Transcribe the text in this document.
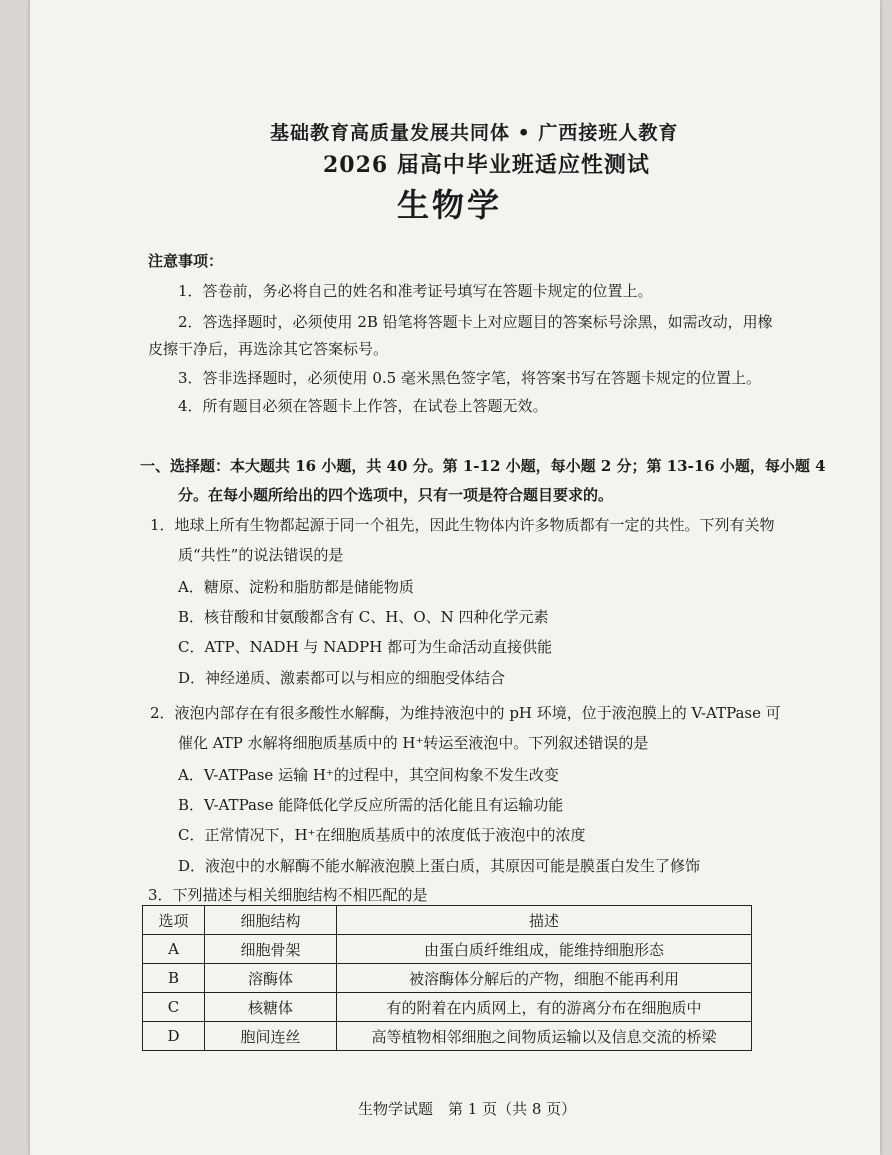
基础教育高质量发展共同体 • 广西接班人教育
2026 届高中毕业班适应性测试
生物学
注意事项：
1．答卷前，务必将自己的姓名和准考证号填写在答题卡规定的位置上。
2．答选择题时，必须使用 2B 铅笔将答题卡上对应题目的答案标号涂黑，如需改动，用橡
皮擦干净后，再选涂其它答案标号。
3．答非选择题时，必须使用 0.5 毫米黑色签字笔，将答案书写在答题卡规定的位置上。
4．所有题目必须在答题卡上作答，在试卷上答题无效。
一、选择题：本大题共 16 小题，共 40 分。第 1-12 小题，每小题 2 分；第 13-16 小题，每小题 4
分。在每小题所给出的四个选项中，只有一项是符合题目要求的。
1．地球上所有生物都起源于同一个祖先，因此生物体内许多物质都有一定的共性。下列有关物
质“共性”的说法错误的是
A．糖原、淀粉和脂肪都是储能物质
B．核苷酸和甘氨酸都含有 C、H、O、N 四种化学元素
C．ATP、NADH 与 NADPH 都可为生命活动直接供能
D．神经递质、激素都可以与相应的细胞受体结合
2．液泡内部存在有很多酸性水解酶，为维持液泡中的 pH 环境，位于液泡膜上的 V-ATPase 可
催化 ATP 水解将细胞质基质中的 H⁺转运至液泡中。下列叙述错误的是
A．V-ATPase 运输 H⁺的过程中，其空间构象不发生改变
B．V-ATPase 能降低化学反应所需的活化能且有运输功能
C．正常情况下，H⁺在细胞质基质中的浓度低于液泡中的浓度
D．液泡中的水解酶不能水解液泡膜上蛋白质，其原因可能是膜蛋白发生了修饰
3．下列描述与相关细胞结构不相匹配的是
选项	细胞结构	描述
A	细胞骨架	由蛋白质纤维组成，能维持细胞形态
B	溶酶体	被溶酶体分解后的产物，细胞不能再利用
C	核糖体	有的附着在内质网上，有的游离分布在细胞质中
D	胞间连丝	高等植物相邻细胞之间物质运输以及信息交流的桥梁
生物学试题　第 1 页（共 8 页）
